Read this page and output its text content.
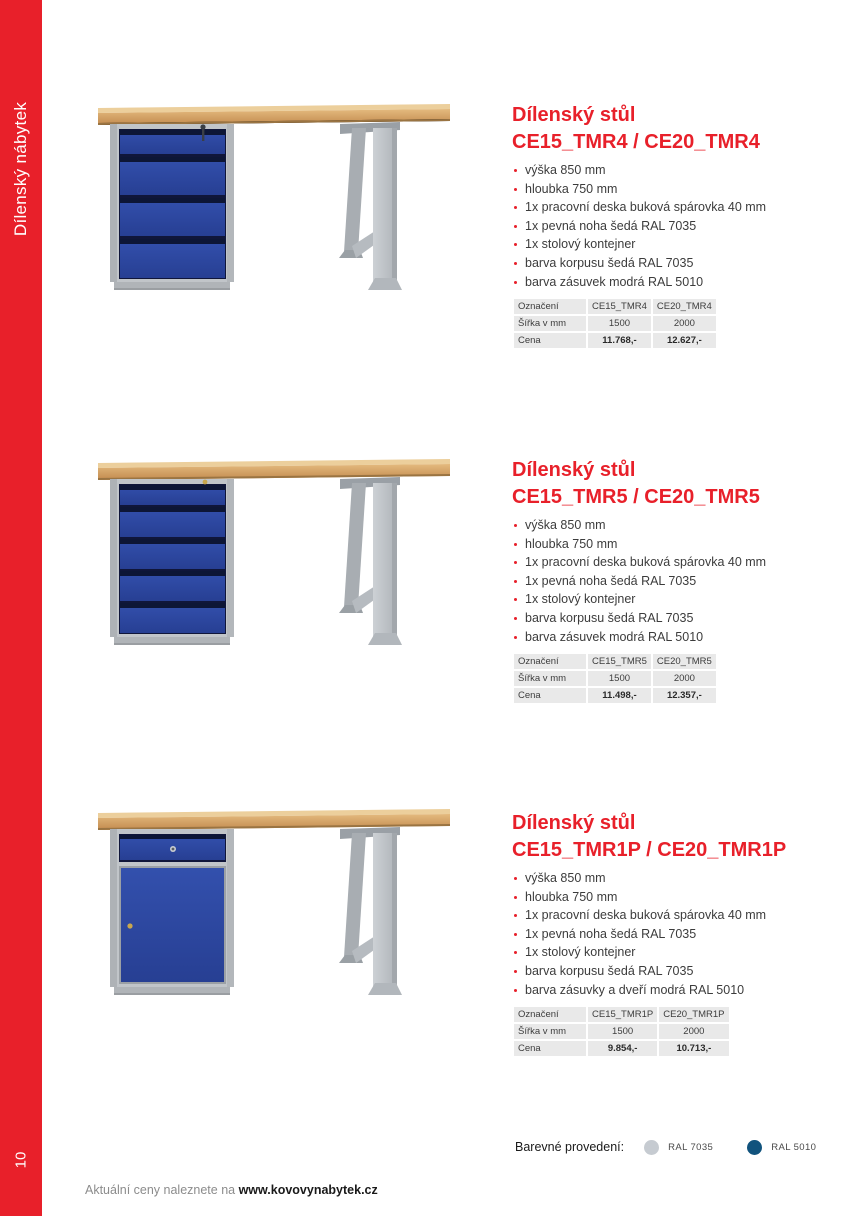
Dílenský nábytek
10
Dílenský stůl
CE15_TMR4 / CE20_TMR4
výška 850 mm
hloubka 750 mm
1x pracovní deska buková spárovka 40 mm
1x pevná noha šedá RAL 7035
1x stolový kontejner
barva korpusu šedá RAL 7035
barva zásuvek modrá RAL 5010
Označení	CE15_TMR4	CE20_TMR4
Šířka v mm	1500	2000
Cena	11.768,-	12.627,-
Dílenský stůl
CE15_TMR5 / CE20_TMR5
výška 850 mm
hloubka 750 mm
1x pracovní deska buková spárovka 40 mm
1x pevná noha šedá RAL 7035
1x stolový kontejner
barva korpusu šedá RAL 7035
barva zásuvek modrá RAL 5010
Označení	CE15_TMR5	CE20_TMR5
Šířka v mm	1500	2000
Cena	11.498,-	12.357,-
Dílenský stůl
CE15_TMR1P / CE20_TMR1P
výška 850 mm
hloubka 750 mm
1x pracovní deska buková spárovka 40 mm
1x pevná noha šedá RAL 7035
1x stolový kontejner
barva korpusu šedá RAL 7035
barva zásuvky a dveří modrá RAL 5010
Označení	CE15_TMR1P	CE20_TMR1P
Šířka v mm	1500	2000
Cena	9.854,-	10.713,-
Barevné provedení:	RAL 7035	RAL 5010
Aktuální ceny naleznete na www.kovovynabytek.cz
